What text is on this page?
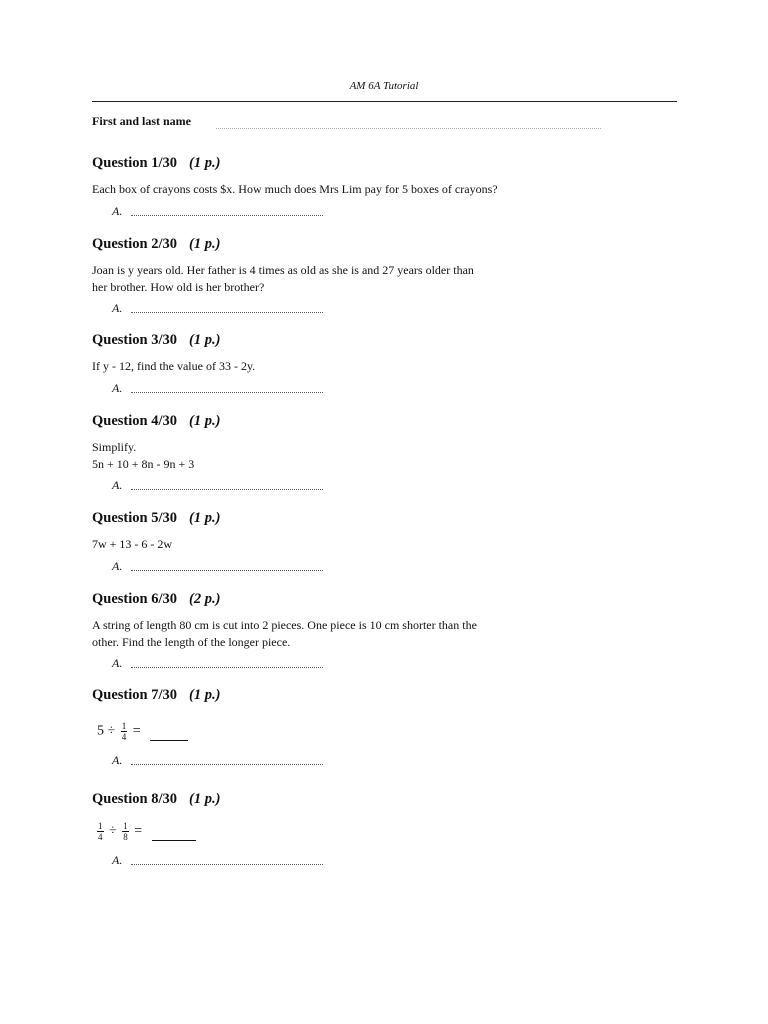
AM 6A Tutorial
First and last name
Question 1/30 (1 p.)
Each box of crayons costs $x. How much does Mrs Lim pay for 5 boxes of crayons?
A.
Question 2/30 (1 p.)
Joan is y years old. Her father is 4 times as old as she is and 27 years older than
her brother. How old is her brother?
A.
Question 3/30 (1 p.)
If y - 12, find the value of 33 - 2y.
A.
Question 4/30 (1 p.)
Simplify.
5n + 10 + 8n - 9n + 3
A.
Question 5/30 (1 p.)
7w + 13 - 6 - 2w
A.
Question 6/30 (2 p.)
A string of length 80 cm is cut into 2 pieces. One piece is 10 cm shorter than the
other. Find the length of the longer piece.
A.
Question 7/30 (1 p.)
$5 \div \frac{1}{4}$ =
A.
Question 8/30 (1 p.)
$\frac{1}{4} \div \frac{1}{8}$ =
A.
